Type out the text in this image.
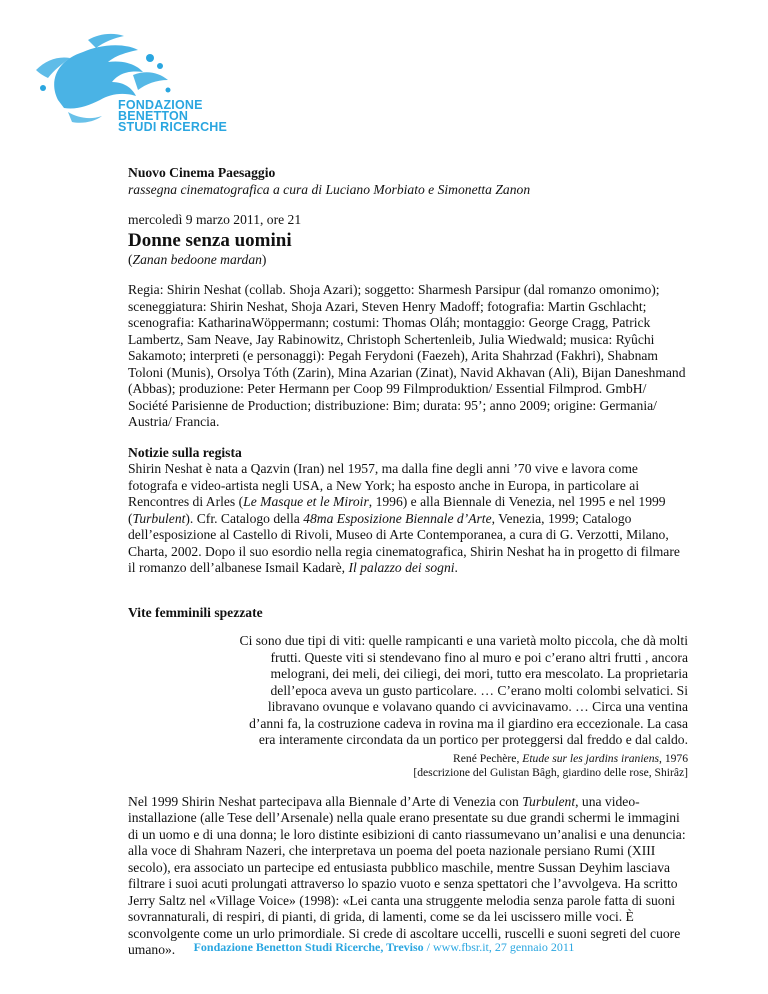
FONDAZIONE
BENETTON
STUDI RICERCHE

Nuovo Cinema Paesaggio

rassegna cinematografica a cura di Luciano Morbiato e Simonetta Zanon

mercoledì 9 marzo 2011, ore 21

Donne senza uomini

(Zanan bedoone mardan)

Regia: Shirin Neshat (collab. Shoja Azari); soggetto: Sharmesh Parsipur (dal romanzo omonimo); sceneggiatura: Shirin Neshat, Shoja Azari, Steven Henry Madoff; fotografia: Martin Gschlacht; scenografia: KatharinaWöppermann; costumi: Thomas Oláh; montaggio: George Cragg, Patrick Lambertz, Sam Neave, Jay Rabinowitz, Christoph Schertenleib, Julia Wiedwald; musica: Ryûchi Sakamoto; interpreti (e personaggi): Pegah Ferydoni (Faezeh), Arita Shahrzad (Fakhri), Shabnam Toloni (Munis), Orsolya Tóth (Zarin), Mina Azarian (Zinat), Navid Akhavan (Ali), Bijan Daneshmand (Abbas); produzione: Peter Hermann per Coop 99 Filmproduktion/ Essential Filmprod. GmbH/ Société Parisienne de Production; distribuzione: Bim; durata: 95’; anno 2009; origine: Germania/ Austria/ Francia.

Notizie sulla regista

Shirin Neshat è nata a Qazvin (Iran) nel 1957, ma dalla fine degli anni ’70 vive e lavora come fotografa e video-artista negli USA, a New York; ha esposto anche in Europa, in particolare ai Rencontres di Arles (Le Masque et le Miroir, 1996) e alla Biennale di Venezia, nel 1995 e nel 1999 (Turbulent). Cfr. Catalogo della 48ma Esposizione Biennale d’Arte, Venezia, 1999; Catalogo dell’esposizione al Castello di Rivoli, Museo di Arte Contemporanea, a cura di G. Verzotti, Milano, Charta, 2002. Dopo il suo esordio nella regia cinematografica, Shirin Neshat ha in progetto di filmare il romanzo dell’albanese Ismail Kadarè, Il palazzo dei sogni.

Vite femminili spezzate

Ci sono due tipi di viti: quelle rampicanti e una varietà molto piccola, che dà molti frutti. Queste viti si stendevano fino al muro e poi c’erano altri frutti , ancora melograni, dei meli, dei ciliegi, dei mori, tutto era mescolato. La proprietaria dell’epoca aveva un gusto particolare. … C’erano molti colombi selvatici. Si libravano ovunque e volavano quando ci avvicinavamo. … Circa una ventina d’anni fa, la costruzione cadeva in rovina ma il giardino era eccezionale. La casa era interamente circondata da un portico per proteggersi dal freddo e dal caldo.

René Pechère, Etude sur les jardins iraniens, 1976

[descrizione del Gulistan Bâgh, giardino delle rose, Shirâz]

Nel 1999 Shirin Neshat partecipava alla Biennale d’Arte di Venezia con Turbulent, una video-installazione (alle Tese dell’Arsenale) nella quale erano presentate su due grandi schermi le immagini di un uomo e di una donna; le loro distinte esibizioni di canto riassumevano un’analisi e una denuncia: alla voce di Shahram Nazeri, che interpretava un poema del poeta nazionale persiano Rumi (XIII secolo), era associato un partecipe ed entusiasta pubblico maschile, mentre Sussan Deyhim lasciava filtrare i suoi acuti prolungati attraverso lo spazio vuoto e senza spettatori che l’avvolgeva. Ha scritto Jerry Saltz nel «Village Voice» (1998): «Lei canta una struggente melodia senza parole fatta di suoni sovrannaturali, di respiri, di pianti, di grida, di lamenti, come se da lei uscissero mille voci. È sconvolgente come un urlo primordiale. Si crede di ascoltare uccelli, ruscelli e suoni segreti del cuore umano».	Fondazione Benetton Studi Ricerche, Treviso / www.fbsr.it, 27 gennaio 2011
